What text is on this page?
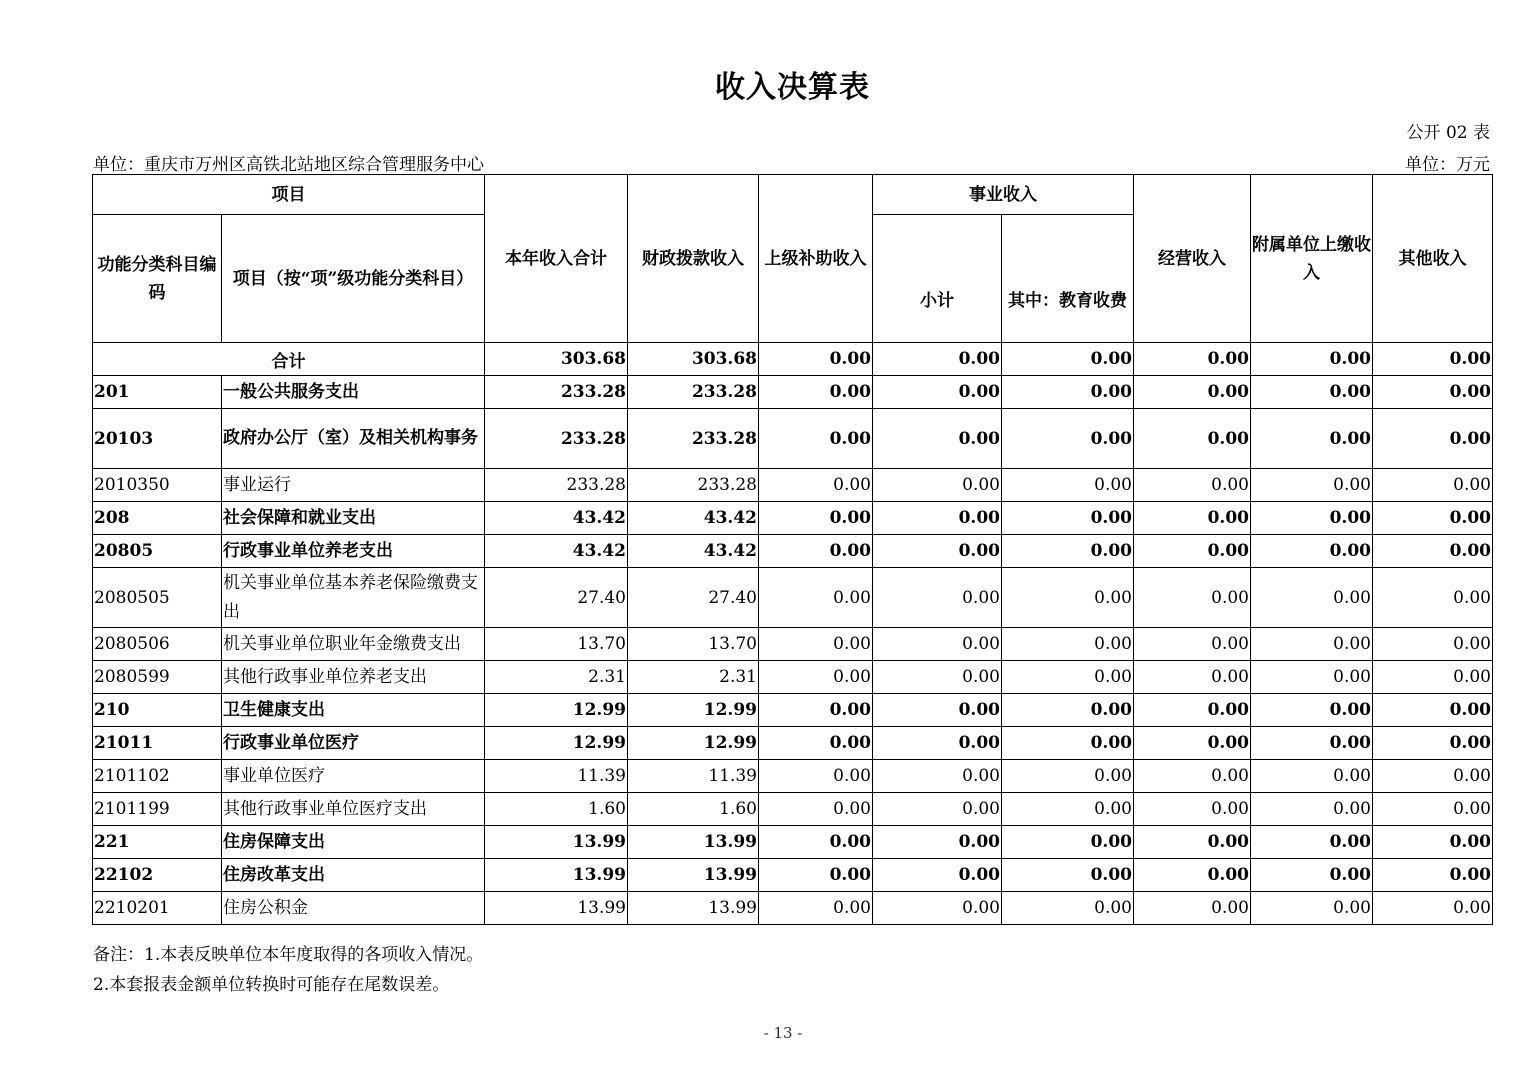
收入决算表
公开 02 表
单位：重庆市万州区高铁北站地区综合管理服务中心	单位：万元
项目		本年收入合计	财政拨款收入	上级补助收入	事业收入		经营收入	附属单位上缴收入	其他收入
功能分类科目编码	项目（按“项”级功能分类科目）				小计	其中：教育收费			
合计		303.68	303.68	0.00	0.00	0.00	0.00	0.00	0.00
201	一般公共服务支出	233.28	233.28	0.00	0.00	0.00	0.00	0.00	0.00
20103	政府办公厅（室）及相关机构事务	233.28	233.28	0.00	0.00	0.00	0.00	0.00	0.00
2010350	事业运行	233.28	233.28	0.00	0.00	0.00	0.00	0.00	0.00
208	社会保障和就业支出	43.42	43.42	0.00	0.00	0.00	0.00	0.00	0.00
20805	行政事业单位养老支出	43.42	43.42	0.00	0.00	0.00	0.00	0.00	0.00
2080505	机关事业单位基本养老保险缴费支出	27.40	27.40	0.00	0.00	0.00	0.00	0.00	0.00
2080506	机关事业单位职业年金缴费支出	13.70	13.70	0.00	0.00	0.00	0.00	0.00	0.00
2080599	其他行政事业单位养老支出	2.31	2.31	0.00	0.00	0.00	0.00	0.00	0.00
210	卫生健康支出	12.99	12.99	0.00	0.00	0.00	0.00	0.00	0.00
21011	行政事业单位医疗	12.99	12.99	0.00	0.00	0.00	0.00	0.00	0.00
2101102	事业单位医疗	11.39	11.39	0.00	0.00	0.00	0.00	0.00	0.00
2101199	其他行政事业单位医疗支出	1.60	1.60	0.00	0.00	0.00	0.00	0.00	0.00
221	住房保障支出	13.99	13.99	0.00	0.00	0.00	0.00	0.00	0.00
22102	住房改革支出	13.99	13.99	0.00	0.00	0.00	0.00	0.00	0.00
2210201	住房公积金	13.99	13.99	0.00	0.00	0.00	0.00	0.00	0.00
备注：1.本表反映单位本年度取得的各项收入情况。
2.本套报表金额单位转换时可能存在尾数误差。
- 13 -
